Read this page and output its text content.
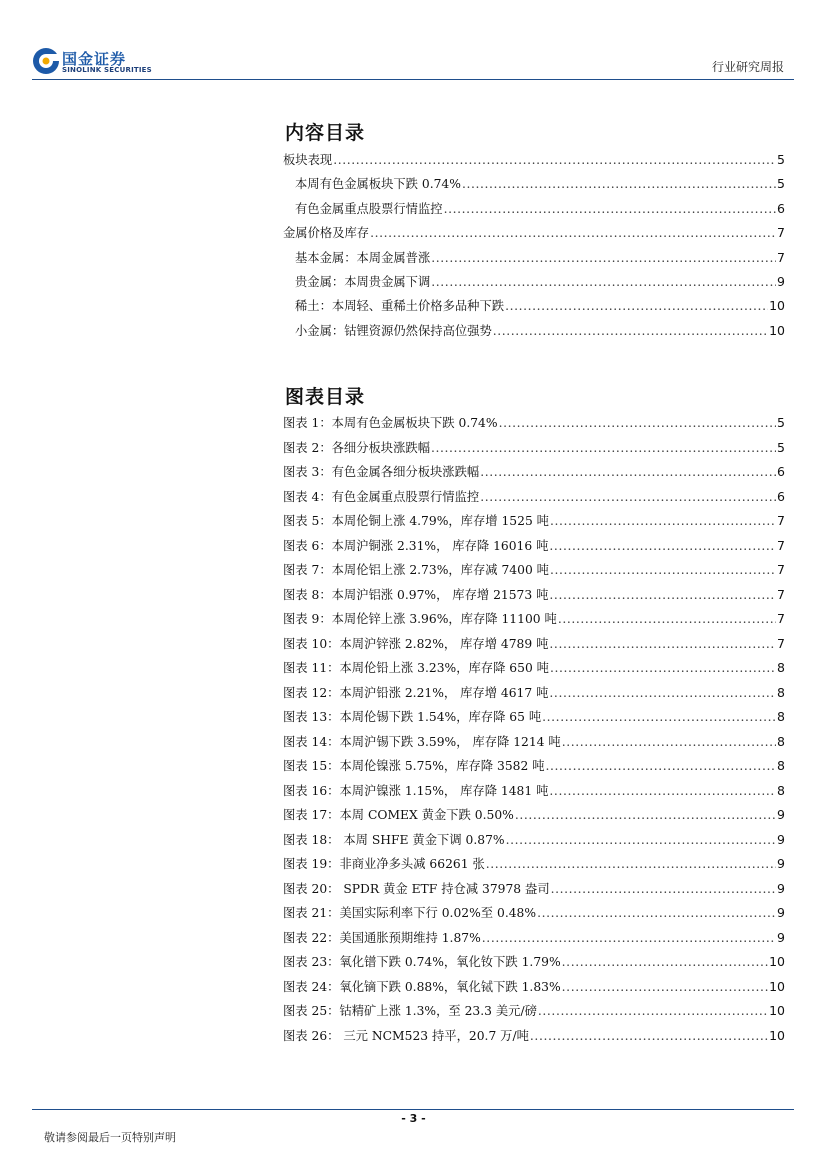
国金证券
SINOLINK SECURITIES	行业研究周报
内容目录
板块表现 .....	5
本周有色金属板块下跌 0.74% .....	5
有色金属重点股票行情监控 .....	6
金属价格及库存 .....	7
基本金属：本周金属普涨 .....	7
贵金属：本周贵金属下调 .....	9
稀土：本周轻、重稀土价格多品种下跌 .....	10
小金属：钴锂资源仍然保持高位强势 .....	10
图表目录
图表 1：本周有色金属板块下跌 0.74% .....	5
图表 2：各细分板块涨跌幅 .....	5
图表 3：有色金属各细分板块涨跌幅 .....	6
图表 4：有色金属重点股票行情监控 .....	6
图表 5：本周伦铜上涨 4.79%，库存增 1525 吨 .....	7
图表 6：本周沪铜涨 2.31%， 库存降 16016 吨 .....	7
图表 7：本周伦铝上涨 2.73%，库存减 7400 吨 .....	7
图表 8：本周沪铝涨 0.97%， 库存增 21573 吨 .....	7
图表 9：本周伦锌上涨 3.96%，库存降 11100 吨 .....	7
图表 10：本周沪锌涨 2.82%， 库存增 4789 吨 .....	7
图表 11：本周伦铅上涨 3.23%，库存降 650 吨 .....	8
图表 12：本周沪铅涨 2.21%， 库存增 4617 吨 .....	8
图表 13：本周伦锡下跌 1.54%，库存降 65 吨 .....	8
图表 14：本周沪锡下跌 3.59%， 库存降 1214 吨 .....	8
图表 15：本周伦镍涨 5.75%，库存降 3582 吨 .....	8
图表 16：本周沪镍涨 1.15%， 库存降 1481 吨 .....	8
图表 17：本周 COMEX 黄金下跌 0.50% .....	9
图表 18： 本周 SHFE 黄金下调 0.87% .....	9
图表 19：非商业净多头减 66261 张 .....	9
图表 20： SPDR 黄金 ETF 持仓减 37978 盎司 .....	9
图表 21：美国实际利率下行 0.02%至 0.48% .....	9
图表 22：美国通胀预期维持 1.87% .....	9
图表 23：氧化镨下跌 0.74%，氧化钕下跌 1.79% .....	10
图表 24：氧化镝下跌 0.88%，氧化铽下跌 1.83% .....	10
图表 25：钴精矿上涨 1.3%，至 23.3 美元/磅 .....	10
图表 26： 三元 NCM523 持平，20.7 万/吨 .....	10
- 3 -
敬请参阅最后一页特别声明
